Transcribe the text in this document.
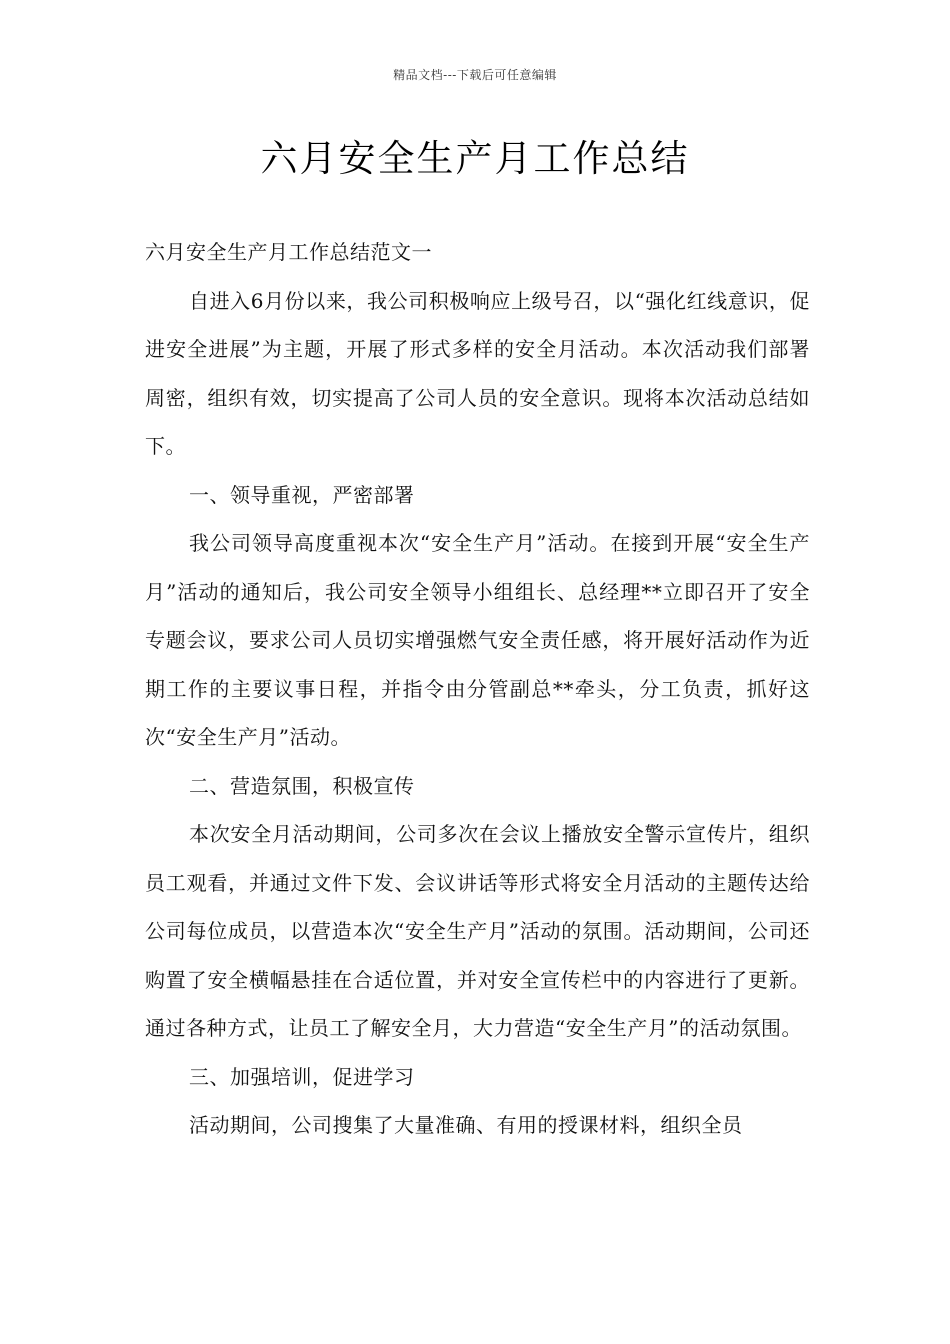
精品文档---下载后可任意编辑
六月安全生产月工作总结

六月安全生产月工作总结范文一

自进入6月份以来，我公司积极响应上级号召，以“强化红线意识，促进安全进展”为主题，开展了形式多样的安全月活动。本次活动我们部署周密，组织有效，切实提高了公司人员的安全意识。现将本次活动总结如下。

一、领导重视，严密部署

我公司领导高度重视本次“安全生产月”活动。在接到开展“安全生产月”活动的通知后，我公司安全领导小组组长、总经理**立即召开了安全专题会议，要求公司人员切实增强燃气安全责任感，将开展好活动作为近期工作的主要议事日程，并指令由分管副总**牵头，分工负责，抓好这次“安全生产月”活动。

二、营造氛围，积极宣传

本次安全月活动期间，公司多次在会议上播放安全警示宣传片，组织员工观看，并通过文件下发、会议讲话等形式将安全月活动的主题传达给公司每位成员，以营造本次“安全生产月”活动的氛围。活动期间，公司还购置了安全横幅悬挂在合适位置，并对安全宣传栏中的内容进行了更新。通过各种方式，让员工了解安全月，大力营造“安全生产月”的活动氛围。

三、加强培训，促进学习

活动期间，公司搜集了大量准确、有用的授课材料，组织全员
